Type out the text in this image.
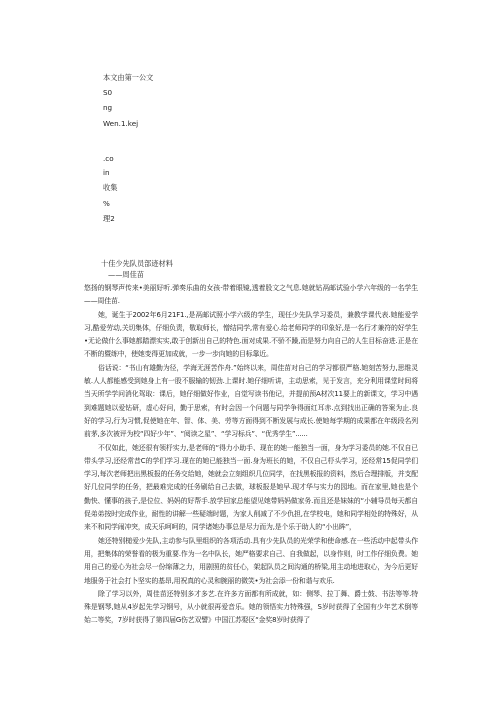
本文由第一公文
S0
ng
Wen.1.kej
.co
in
收集
%
理2

十佳少先队员部迹材料

——周佳苗

悠扬的钢琴声传来•美丽好听.弹奏乐曲的女孩·带着眼镜,透着股文之气息.她就钻鬲邮试验小学六年级的一名学生——周佳苗.

她，诞生于2002年6月21F1.,是鬲邮试照小学六级的学生，现任少先队学习委员，兼教学课代表.她能爱学习,酷爱劳动,关切集体，仔细负责，敬取师长，憎结同学,常有爱心.给老师同学的印象好,是一名行才兼符的好学生•无论做什么事她都踏漂实实,敢于创新出自己的特色.面对成果.不骄不躁,而是努力向自己的人生目标奋进.正是在不断的暨练中，使她变得更加成就，一步一步向她的目标靠近。

俗话说：“书山有雄勤为径，学海无涯苦作舟.”始终以来，周佳苗对自己的学习都很严格.她刻苦努力,思维灵敏.人人都能感受到她身上有一股不服输的韧劲.上课时.她仔细听讲，主动思索，见于发言，充分利用课堂时间将当天所学学问消化驾取：课后，她仔细做好作业，自觉写读书他记，并提前预A材次11要上的新课文，学习中遇到难题她以爱钻研，虚心好问，勤于思索，有时会因一个问题与同学争得面红耳赤.点到找出正确的答案为止.良好的学习,行为习惯,促使她在年、智、体、美、劳等方面得到不断发展与成长.使她每学期的成果都在年级段名列前茅,多次被评为校“四好少年”、“阅读之星”、“学习标兵”、“优秀学生”......

不仅如此，她还很有领杼实力,是老师的“得力小助手、现在的她一能独当一面，身为学习委员的她.不仅自已带头学习,还经常昔C的学们学习.现在的她已能独当一面.身为班长的她，不仅自己杼头学习，还经常15促同学们学习,每次老师把出黑板报的任务交给她，她就会立刻组织几位同学，在找黑板报的资料，然后合理排版，并支配好几位同学的任务，把最难完成的任务刷给自己去做，球板报是她早.现才华与实力的园地。而在家里,她也是个勤快、懂事的孩子,是位位、妈妈的好帮手.放学回家总能望见她带妈妈做家务.而且还是妹妹的“小辅导员每天都自促弟弟按时完成作业，耐性的讲解一些疑端时题，为家人削减了不少仇担,在学校电，她和同学相处的特殊好，从来不和同学闹冲突，成天乐呵呵的，同学诸她办事总是尽力而为,是个乐于助人的“小出眸”，

她还特别槌爱少先队,主动参与队里组织的各项活动.具有少先队员的光荣学和使命感.在一些活动中起带头作用，把集体的荣誉看的极为重要.作为一名中队长，她严格要求自己、自我做起，以身作则，时工作仔细负费。她用自己的爱心为社会尽一份绵薄之力，用剧照的贫任心，架起队员之间沟通的桥梁,用主动地进取心，为今后更好地服务于社会打卜坚实的基昂,用祝真的心灵和腕丽的微笑•为社会添一份和谐与欢乐.

除了学习以外，周佳苗还特别多才多艺.在许多方面都有所成就，如：侧琴、拉丁舞、爵士鼓、书法等等.特殊是钢琴,她从4岁起先学习钢号，从小就很再爱音乐。她的领悟实力特殊强，S岁时获得了全国有少年艺术倒等始二等奖，7岁时获得了第四届G伤艺双譬》中国江苏娶区“金奖8岁时获得了
